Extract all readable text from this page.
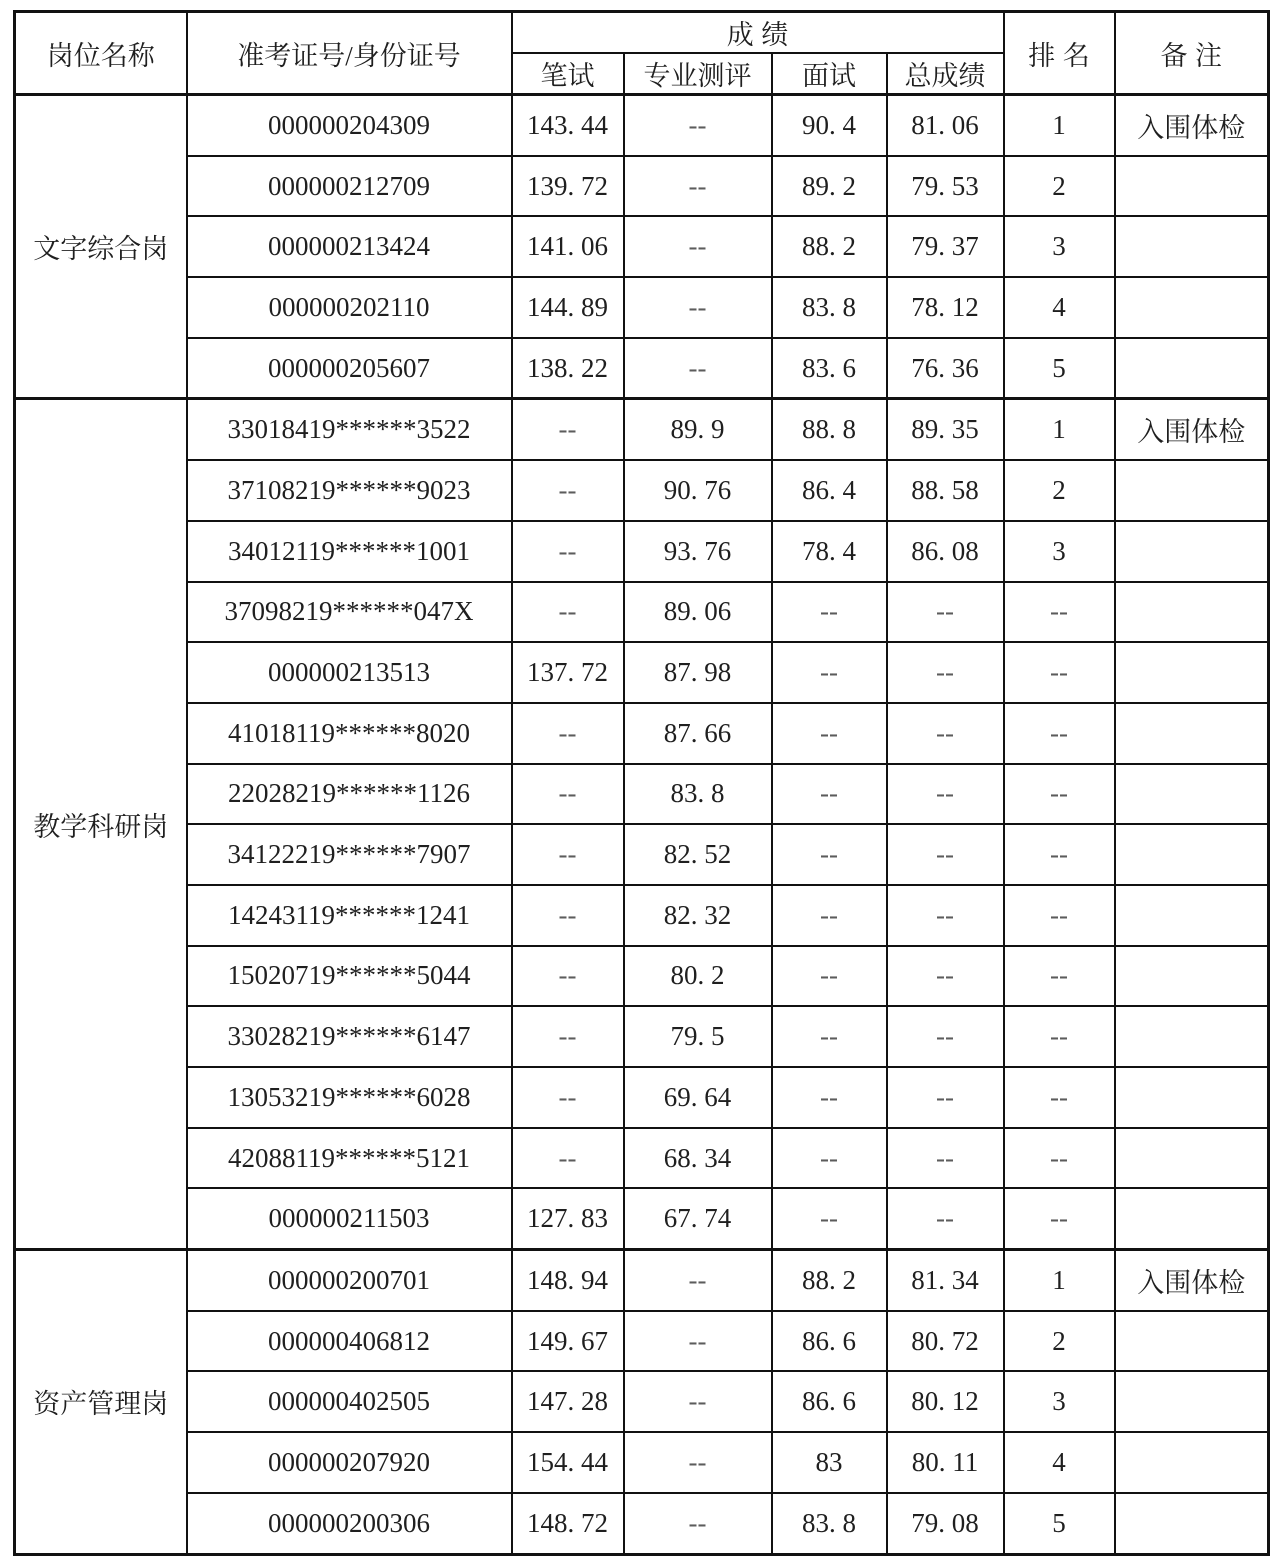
岗位名称	准考证号/身份证号	成绩				排名	备注
		笔试	专业测评	面试	总成绩		
文字综合岗	000000204309	143. 44	--	90. 4	81. 06	1	入围体检
	000000212709	139. 72	--	89. 2	79. 53	2	
	000000213424	141. 06	--	88. 2	79. 37	3	
	000000202110	144. 89	--	83. 8	78. 12	4	
	000000205607	138. 22	--	83. 6	76. 36	5	
教学科研岗	33018419******3522	--	89. 9	88. 8	89. 35	1	入围体检
	37108219******9023	--	90. 76	86. 4	88. 58	2	
	34012119******1001	--	93. 76	78. 4	86. 08	3	
	37098219******047X	--	89. 06	--	--	--	
	000000213513	137. 72	87. 98	--	--	--	
	41018119******8020	--	87. 66	--	--	--	
	22028219******1126	--	83. 8	--	--	--	
	34122219******7907	--	82. 52	--	--	--	
	14243119******1241	--	82. 32	--	--	--	
	15020719******5044	--	80. 2	--	--	--	
	33028219******6147	--	79. 5	--	--	--	
	13053219******6028	--	69. 64	--	--	--	
	42088119******5121	--	68. 34	--	--	--	
	000000211503	127. 83	67. 74	--	--	--	
资产管理岗	000000200701	148. 94	--	88. 2	81. 34	1	入围体检
	000000406812	149. 67	--	86. 6	80. 72	2	
	000000402505	147. 28	--	86. 6	80. 12	3	
	000000207920	154. 44	--	83	80. 11	4	
	000000200306	148. 72	--	83. 8	79. 08	5	
